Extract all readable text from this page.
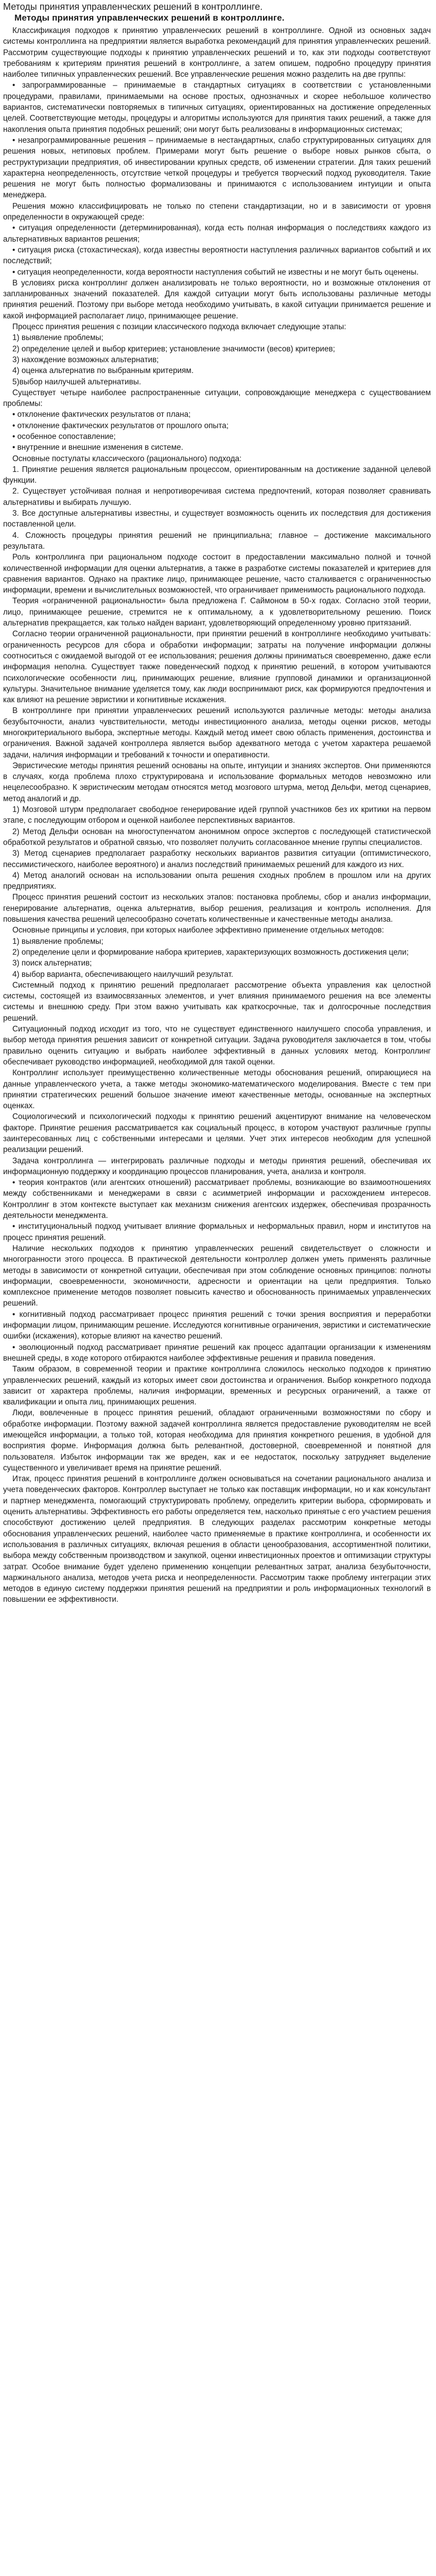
Методы принятия управленческих решений в контроллинге.
Методы принятия управленческих решений в контроллинге.

Классификация подходов к принятию управленческих решений в контроллинге. Одной из основных задач системы контроллинга на предприятии является выработка рекомендаций для принятия управленческих решений. Рассмотрим существующие подходы к принятию управленческих решений и то, как эти подходы соответствуют требованиям к критериям принятия решений в контроллинге, а затем опишем, подробно процедуру принятия наиболее типичных управленческих решений. Все управленческие решения можно разделить на две группы:

• запрограммированные – принимаемые в стандартных ситуациях в соответствии с установленными процедурами, правилами, принимаемыми на основе простых, однозначных и скорее небольшое количество вариантов, систематически повторяемых в типичных ситуациях, ориентированных на достижение определенных целей. Соответствующие методы, процедуры и алгоритмы используются для принятия таких решений, а также для накопления опыта принятия подобных решений; они могут быть реализованы в информационных системах;

• незапрограммированные решения – принимаемые в нестандартных, слабо структурированных ситуациях для решения новых, нетиповых проблем. Примерами могут быть решение о выборе новых рынков сбыта, о реструктуризации предприятия, об инвестировании крупных средств, об изменении стратегии. Для таких решений характерна неопределенность, отсутствие четкой процедуры и требуется творческий подход руководителя. Такие решения не могут быть полностью формализованы и принимаются с использованием интуиции и опыта менеджера.

Решения можно классифицировать не только по степени стандартизации, но и в зависимости от уровня определенности в окружающей среде:

• ситуация определенности (детерминированная), когда есть полная информация о последствиях каждого из альтернативных вариантов решения;

• ситуация риска (стохастическая), когда известны вероятности наступления различных вариантов событий и их последствий;

• ситуация неопределенности, когда вероятности наступления событий не известны и не могут быть оценены.

В условиях риска контроллинг должен анализировать не только вероятности, но и возможные отклонения от запланированных значений показателей. Для каждой ситуации могут быть использованы различные методы принятия решений. Поэтому при выборе метода необходимо учитывать, в какой ситуации принимается решение и какой информацией располагает лицо, принимающее решение.

Процесс принятия решения с позиции классического подхода включает следующие этапы:

1) выявление проблемы;

2) определение целей и выбор критериев; установление значимости (весов) критериев;

3) нахождение возможных альтернатив;

4) оценка альтернатив по выбранным критериям.

5)выбор наилучшей альтернативы.

Существует четыре наиболее распространенные ситуации, сопровождающие менеджера с существованием проблемы:

• отклонение фактических результатов от плана;

• отклонение фактических результатов от прошлого опыта;

• особенное сопоставление;

• внутренние и внешние изменения в системе.

Основные постулаты классического (рационального) подхода:

1. Принятие решения является рациональным процессом, ориентированным на достижение заданной целевой функции.

2. Существует устойчивая полная и непротиворечивая система предпочтений, которая позволяет сравнивать альтернативы и выбирать лучшую.

3. Все доступные альтернативы известны, и существует возможность оценить их последствия для достижения поставленной цели.

4. Сложность процедуры принятия решений не принципиальна; главное – достижение максимального результата.

Роль контроллинга при рациональном подходе состоит в предоставлении максимально полной и точной количественной информации для оценки альтернатив, а также в разработке системы показателей и критериев для сравнения вариантов. Однако на практике лицо, принимающее решение, часто сталкивается с ограниченностью информации, времени и вычислительных возможностей, что ограничивает применимость рационального подхода.

Теория «ограниченной рациональности» была предложена Г. Саймоном в 50-х годах. Согласно этой теории, лицо, принимающее решение, стремится не к оптимальному, а к удовлетворительному решению. Поиск альтернатив прекращается, как только найден вариант, удовлетворяющий определенному уровню притязаний.

Согласно теории ограниченной рациональности, при принятии решений в контроллинге необходимо учитывать: ограниченность ресурсов для сбора и обработки информации; затраты на получение информации должны соотноситься с ожидаемой выгодой от ее использования; решения должны приниматься своевременно, даже если информация неполна. Существует также поведенческий подход к принятию решений, в котором учитываются психологические особенности лиц, принимающих решение, влияние групповой динамики и организационной культуры. Значительное внимание уделяется тому, как люди воспринимают риск, как формируются предпочтения и как влияют на решение эвристики и когнитивные искажения.

В контроллинге при принятии управленческих решений используются различные методы: методы анализа безубыточности, анализ чувствительности, методы инвестиционного анализа, методы оценки рисков, методы многокритериального выбора, экспертные методы. Каждый метод имеет свою область применения, достоинства и ограничения. Важной задачей контроллера является выбор адекватного метода с учетом характера решаемой задачи, наличия информации и требований к точности и оперативности.

Эвристические методы принятия решений основаны на опыте, интуиции и знаниях экспертов. Они применяются в случаях, когда проблема плохо структурирована и использование формальных методов невозможно или нецелесообразно. К эвристическим методам относятся метод мозгового штурма, метод Дельфи, метод сценариев, метод аналогий и др.

1) Мозговой штурм предполагает свободное генерирование идей группой участников без их критики на первом этапе, с последующим отбором и оценкой наиболее перспективных вариантов.

2) Метод Дельфи основан на многоступенчатом анонимном опросе экспертов с последующей статистической обработкой результатов и обратной связью, что позволяет получить согласованное мнение группы специалистов.

3) Метод сценариев предполагает разработку нескольких вариантов развития ситуации (оптимистического, пессимистического, наиболее вероятного) и анализ последствий принимаемых решений для каждого из них.

4) Метод аналогий основан на использовании опыта решения сходных проблем в прошлом или на других предприятиях.

Процесс принятия решений состоит из нескольких этапов: постановка проблемы, сбор и анализ информации, генерирование альтернатив, оценка альтернатив, выбор решения, реализация и контроль исполнения. Для повышения качества решений целесообразно сочетать количественные и качественные методы анализа.

Основные принципы и условия, при которых наиболее эффективно применение отдельных методов:

1) выявление проблемы;

2) определение цели и формирование набора критериев, характеризующих возможность достижения цели;

3) поиск альтернатив;

4) выбор варианта, обеспечивающего наилучший результат.

Системный подход к принятию решений предполагает рассмотрение объекта управления как целостной системы, состоящей из взаимосвязанных элементов, и учет влияния принимаемого решения на все элементы системы и внешнюю среду. При этом важно учитывать как краткосрочные, так и долгосрочные последствия решений.

Ситуационный подход исходит из того, что не существует единственного наилучшего способа управления, и выбор метода принятия решения зависит от конкретной ситуации. Задача руководителя заключается в том, чтобы правильно оценить ситуацию и выбрать наиболее эффективный в данных условиях метод. Контроллинг обеспечивает руководство информацией, необходимой для такой оценки.

Контроллинг использует преимущественно количественные методы обоснования решений, опирающиеся на данные управленческого учета, а также методы экономико-математического моделирования. Вместе с тем при принятии стратегических решений большое значение имеют качественные методы, основанные на экспертных оценках.

Социологический и психологический подходы к принятию решений акцентируют внимание на человеческом факторе. Принятие решения рассматривается как социальный процесс, в котором участвуют различные группы заинтересованных лиц с собственными интересами и целями. Учет этих интересов необходим для успешной реализации решений.

Задача контроллинга — интегрировать различные подходы и методы принятия решений, обеспечивая их информационную поддержку и координацию процессов планирования, учета, анализа и контроля.

• теория контрактов (или агентских отношений) рассматривает проблемы, возникающие во взаимоотношениях между собственниками и менеджерами в связи с асимметрией информации и расхождением интересов. Контроллинг в этом контексте выступает как механизм снижения агентских издержек, обеспечивая прозрачность деятельности менеджмента.

• институциональный подход учитывает влияние формальных и неформальных правил, норм и институтов на процесс принятия решений.

Наличие нескольких подходов к принятию управленческих решений свидетельствует о сложности и многогранности этого процесса. В практической деятельности контроллер должен уметь применять различные методы в зависимости от конкретной ситуации, обеспечивая при этом соблюдение основных принципов: полноты информации, своевременности, экономичности, адресности и ориентации на цели предприятия. Только комплексное применение методов позволяет повысить качество и обоснованность принимаемых управленческих решений.

• когнитивный подход рассматривает процесс принятия решений с точки зрения восприятия и переработки информации лицом, принимающим решение. Исследуются когнитивные ограничения, эвристики и систематические ошибки (искажения), которые влияют на качество решений.

• эволюционный подход рассматривает принятие решений как процесс адаптации организации к изменениям внешней среды, в ходе которого отбираются наиболее эффективные решения и правила поведения.

Таким образом, в современной теории и практике контроллинга сложилось несколько подходов к принятию управленческих решений, каждый из которых имеет свои достоинства и ограничения. Выбор конкретного подхода зависит от характера проблемы, наличия информации, временных и ресурсных ограничений, а также от квалификации и опыта лиц, принимающих решения.

Люди, вовлеченные в процесс принятия решений, обладают ограниченными возможностями по сбору и обработке информации. Поэтому важной задачей контроллинга является предоставление руководителям не всей имеющейся информации, а только той, которая необходима для принятия конкретного решения, в удобной для восприятия форме. Информация должна быть релевантной, достоверной, своевременной и понятной для пользователя. Избыток информации так же вреден, как и ее недостаток, поскольку затрудняет выделение существенного и увеличивает время на принятие решений.

Итак, процесс принятия решений в контроллинге должен основываться на сочетании рационального анализа и учета поведенческих факторов. Контроллер выступает не только как поставщик информации, но и как консультант и партнер менеджмента, помогающий структурировать проблему, определить критерии выбора, сформировать и оценить альтернативы. Эффективность его работы определяется тем, насколько принятые с его участием решения способствуют достижению целей предприятия. В следующих разделах рассмотрим конкретные методы обоснования управленческих решений, наиболее часто применяемые в практике контроллинга, и особенности их использования в различных ситуациях, включая решения в области ценообразования, ассортиментной политики, выбора между собственным производством и закупкой, оценки инвестиционных проектов и оптимизации структуры затрат. Особое внимание будет уделено применению концепции релевантных затрат, анализа безубыточности, маржинального анализа, методов учета риска и неопределенности. Рассмотрим также проблему интеграции этих методов в единую систему поддержки принятия решений на предприятии и роль информационных технологий в повышении ее эффективности.
